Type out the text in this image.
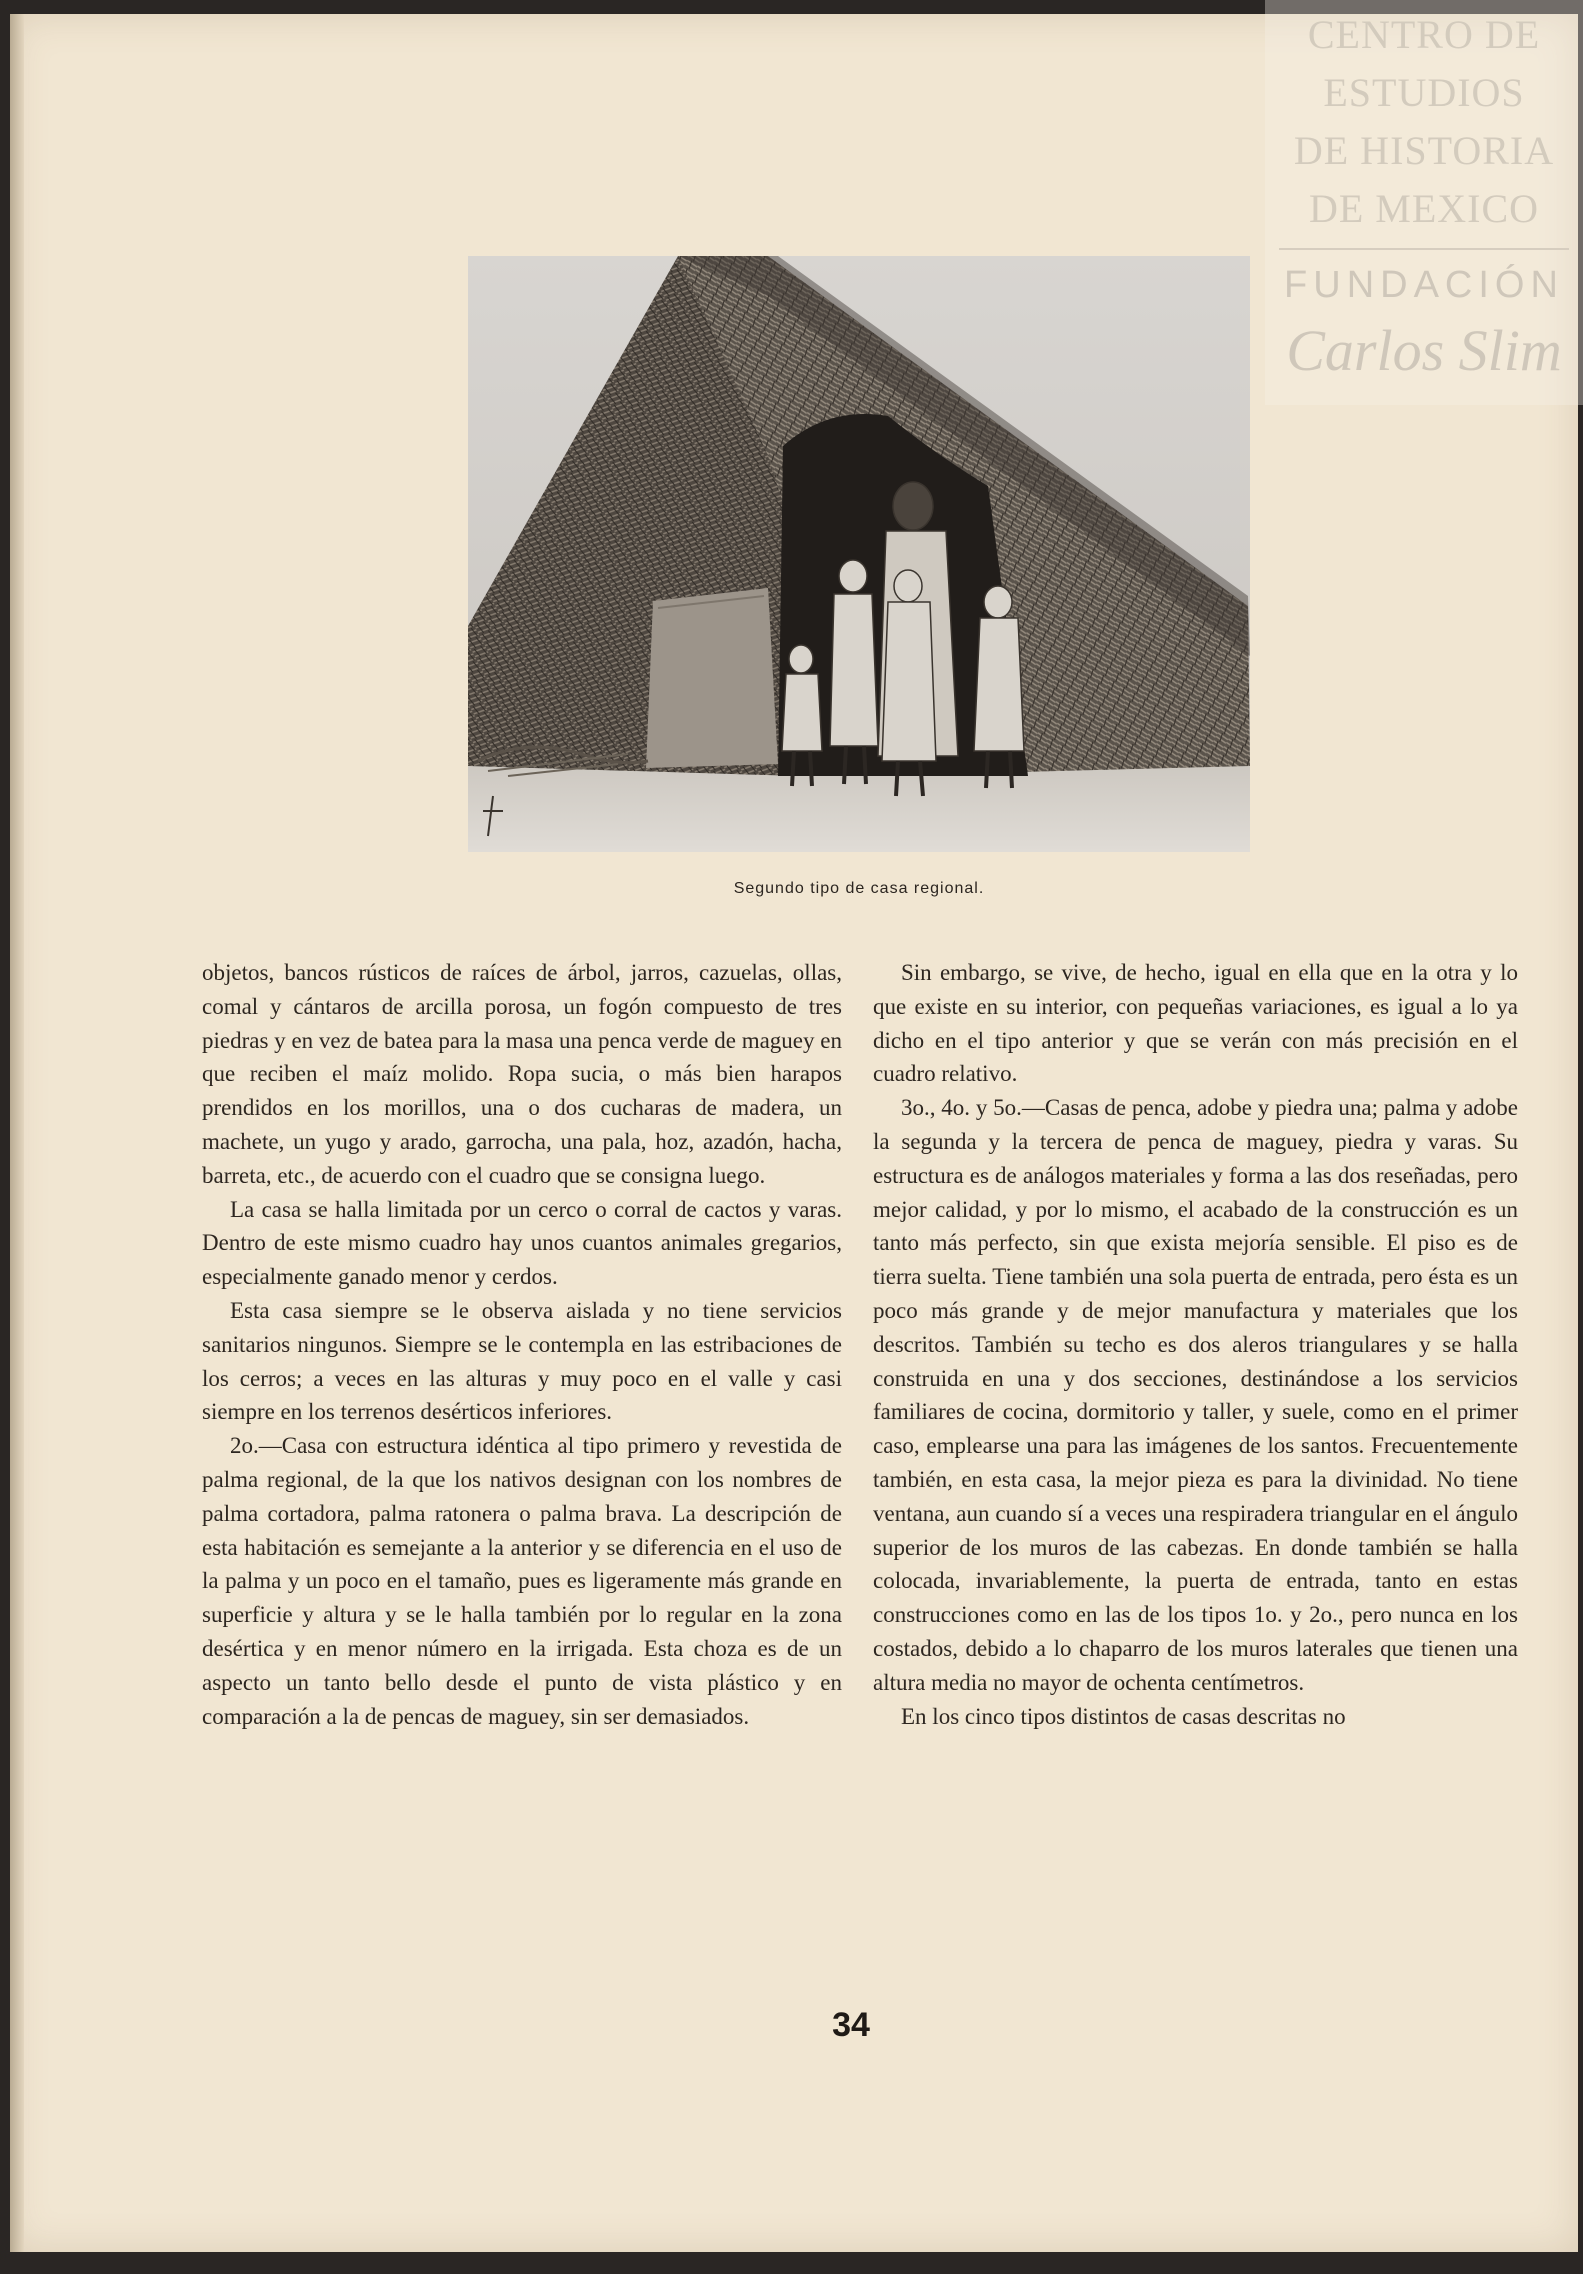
Segundo tipo de casa regional.

objetos, bancos rústicos de raíces de árbol, jarros, cazuelas, ollas, comal y cántaros de arcilla porosa, un fogón compuesto de tres piedras y en vez de batea para la masa una penca verde de maguey en que reciben el maíz molido. Ropa sucia, o más bien harapos prendidos en los morillos, una o dos cucharas de madera, un machete, un yugo y arado, garrocha, una pala, hoz, azadón, hacha, barreta, etc., de acuerdo con el cuadro que se consigna luego.

La casa se halla limitada por un cerco o corral de cactos y varas. Dentro de este mismo cuadro hay unos cuantos animales gregarios, especialmente ganado menor y cerdos.

Esta casa siempre se le observa aislada y no tiene servicios sanitarios ningunos. Siempre se le contempla en las estribaciones de los cerros; a veces en las alturas y muy poco en el valle y casi siempre en los terrenos desérticos inferiores.

2o.—Casa con estructura idéntica al tipo primero y revestida de palma regional, de la que los nativos designan con los nombres de palma cortadora, palma ratonera o palma brava. La descripción de esta habitación es semejante a la anterior y se diferencia en el uso de la palma y un poco en el tamaño, pues es ligeramente más grande en superficie y altura y se le halla también por lo regular en la zona desértica y en menor número en la irrigada. Esta choza es de un aspecto un tanto bello desde el punto de vista plástico y en comparación a la de pencas de maguey, sin ser demasiados.

Sin embargo, se vive, de hecho, igual en ella que en la otra y lo que existe en su interior, con pequeñas variaciones, es igual a lo ya dicho en el tipo anterior y que se verán con más precisión en el cuadro relativo.

3o., 4o. y 5o.—Casas de penca, adobe y piedra una; palma y adobe la segunda y la tercera de penca de maguey, piedra y varas. Su estructura es de análogos materiales y forma a las dos reseñadas, pero mejor calidad, y por lo mismo, el acabado de la construcción es un tanto más perfecto, sin que exista mejoría sensible. El piso es de tierra suelta. Tiene también una sola puerta de entrada, pero ésta es un poco más grande y de mejor manufactura y materiales que los descritos. También su techo es dos aleros triangulares y se halla construida en una y dos secciones, destinándose a los servicios familiares de cocina, dormitorio y taller, y suele, como en el primer caso, emplearse una para las imágenes de los santos. Frecuentemente también, en esta casa, la mejor pieza es para la divinidad. No tiene ventana, aun cuando sí a veces una respiradera triangular en el ángulo superior de los muros de las cabezas. En donde también se halla colocada, invariablemente, la puerta de entrada, tanto en estas construcciones como en las de los tipos 1o. y 2o., pero nunca en los costados, debido a lo chaparro de los muros laterales que tienen una altura media no mayor de ochenta centímetros.

En los cinco tipos distintos de casas descritas no

34
CENTRO DE
ESTUDIOS
DE HISTORIA
DE MEXICO
FUNDACIÓN
Carlos Slim
